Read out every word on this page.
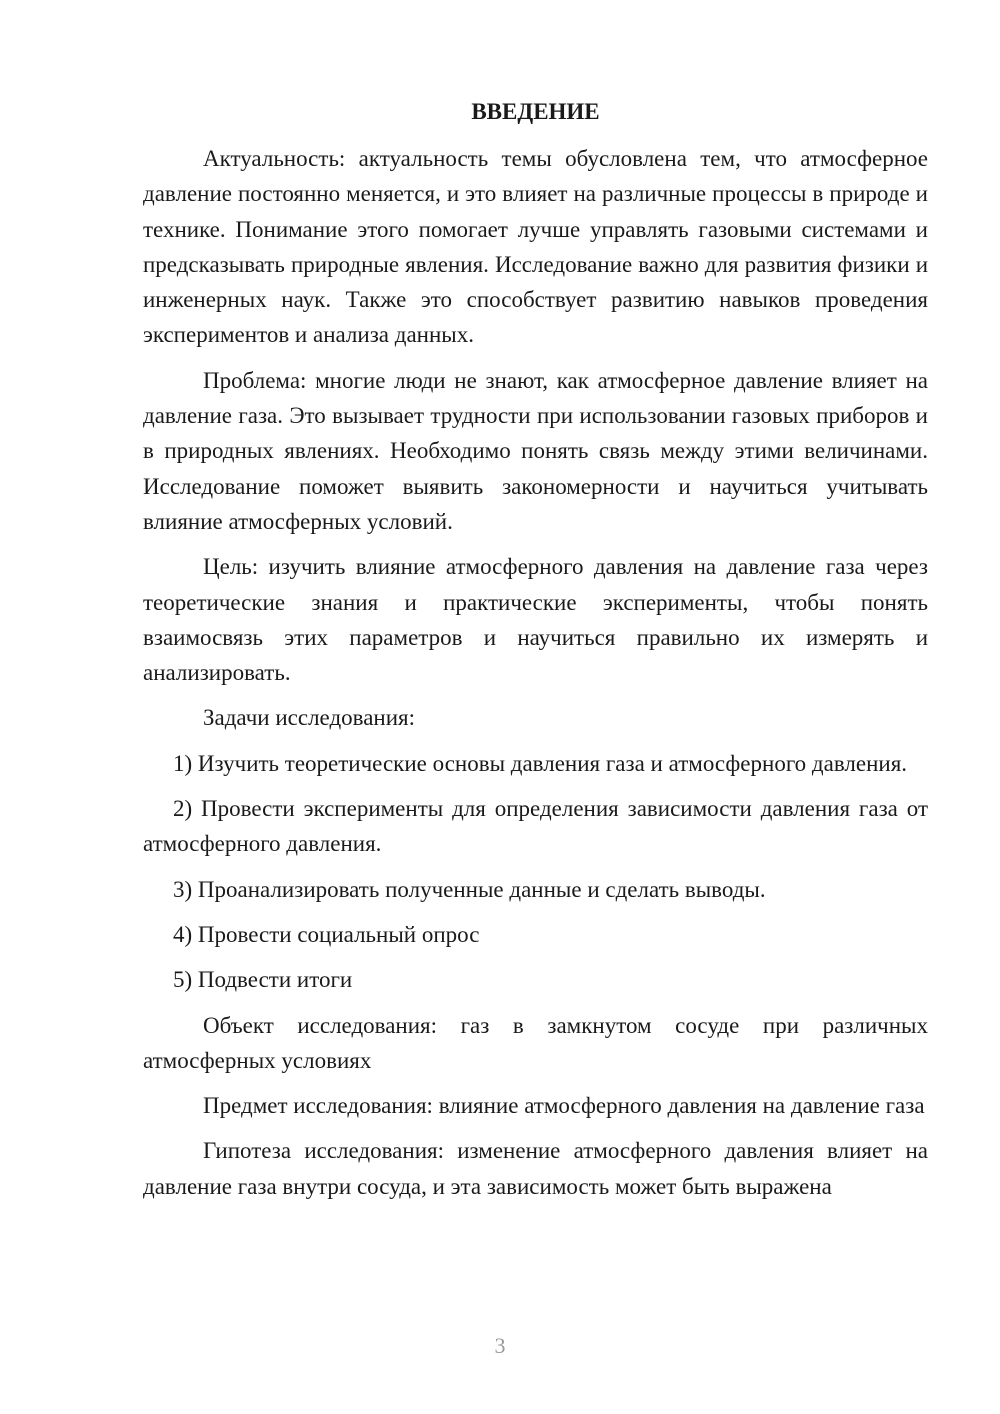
ВВЕДЕНИЕ

Актуальность: актуальность темы обусловлена тем, что атмосферное давление постоянно меняется, и это влияет на различные процессы в природе и технике. Понимание этого помогает лучше управлять газовыми системами и предсказывать природные явления. Исследование важно для развития физики и инженерных наук. Также это способствует развитию навыков проведения экспериментов и анализа данных.

Проблема: многие люди не знают, как атмосферное давление влияет на давление газа. Это вызывает трудности при использовании газовых приборов и в природных явлениях. Необходимо понять связь между этими величинами. Исследование поможет выявить закономерности и научиться учитывать влияние атмосферных условий.

Цель: изучить влияние атмосферного давления на давление газа через теоретические знания и практические эксперименты, чтобы понять взаимосвязь этих параметров и научиться правильно их измерять и анализировать.

Задачи исследования:

1) Изучить теоретические основы давления газа и атмосферного давления.

2) Провести эксперименты для определения зависимости давления газа от атмосферного давления.

3) Проанализировать полученные данные и сделать выводы.

4) Провести социальный опрос

5) Подвести итоги

Объект исследования: газ в замкнутом сосуде при различных атмосферных условиях

Предмет исследования: влияние атмосферного давления на давление газа

Гипотеза исследования: изменение атмосферного давления влияет на давление газа внутри сосуда, и эта зависимость может быть выражена

3
